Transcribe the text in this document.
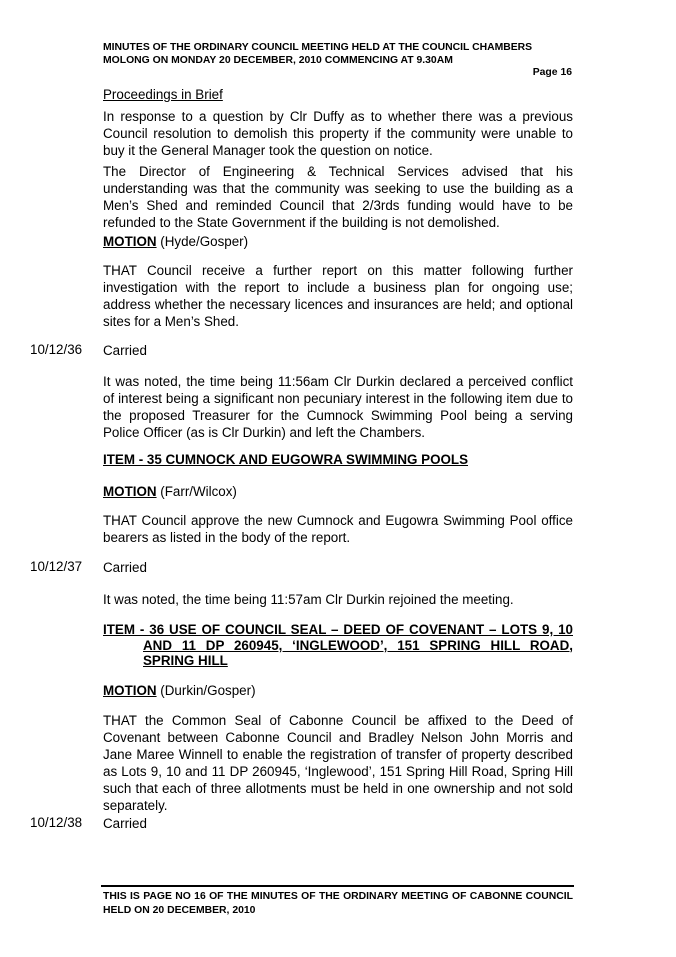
MINUTES OF THE ORDINARY COUNCIL MEETING HELD AT THE COUNCIL CHAMBERS MOLONG ON MONDAY 20 DECEMBER, 2010 COMMENCING AT 9.30AM
Page 16
Proceedings in Brief
In response to a question by Clr Duffy as to whether there was a previous Council resolution to demolish this property if the community were unable to buy it the General Manager took the question on notice.
The Director of Engineering & Technical Services advised that his understanding was that the community was seeking to use the building as a Men’s Shed and reminded Council that 2/3rds funding would have to be refunded to the State Government if the building is not demolished.
MOTION (Hyde/Gosper)
THAT Council receive a further report on this matter following further investigation with the report to include a business plan for ongoing use; address whether the necessary licences and insurances are held; and optional sites for a Men’s Shed.
10/12/36 Carried
It was noted, the time being 11:56am Clr Durkin declared a perceived conflict of interest being a significant non pecuniary interest in the following item due to the proposed Treasurer for the Cumnock Swimming Pool being a serving Police Officer (as is Clr Durkin) and left the Chambers.
ITEM - 35 CUMNOCK AND EUGOWRA SWIMMING POOLS
MOTION (Farr/Wilcox)
THAT Council approve the new Cumnock and Eugowra Swimming Pool office bearers as listed in the body of the report.
10/12/37 Carried
It was noted, the time being 11:57am Clr Durkin rejoined the meeting.
ITEM - 36 USE OF COUNCIL SEAL – DEED OF COVENANT – LOTS 9, 10 AND 11 DP 260945, ‘INGLEWOOD’, 151 SPRING HILL ROAD, SPRING HILL
MOTION (Durkin/Gosper)
THAT the Common Seal of Cabonne Council be affixed to the Deed of Covenant between Cabonne Council and Bradley Nelson John Morris and Jane Maree Winnell to enable the registration of transfer of property described as Lots 9, 10 and 11 DP 260945, ‘Inglewood’, 151 Spring Hill Road, Spring Hill such that each of three allotments must be held in one ownership and not sold separately.
10/12/38 Carried
THIS IS PAGE NO 16 OF THE MINUTES OF THE ORDINARY MEETING OF CABONNE COUNCIL HELD ON 20 DECEMBER, 2010
